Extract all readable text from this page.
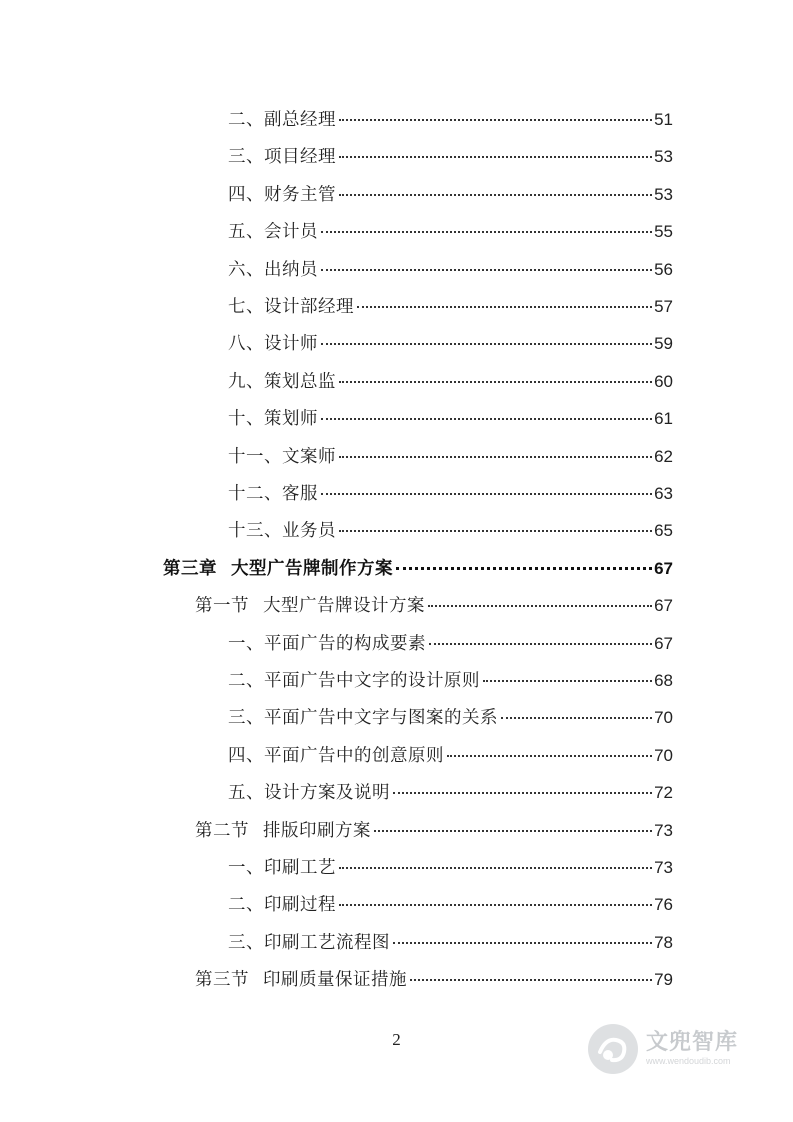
二、 副总经理	51
三、 项目经理	53
四、 财务主管	53
五、 会计员	55
六、 出纳员	56
七、 设计部经理	57
八、 设计师	59
九、 策划总监	60
十、 策划师	61
十一、 文案师	62
十二、 客服	63
十三、 业务员	65
第三章 大型广告牌制作方案	67
第一节 大型广告牌设计方案	67
一、 平面广告的构成要素	67
二、 平面广告中文字的设计原则	68
三、 平面广告中文字与图案的关系	70
四、 平面广告中的创意原则	70
五、 设计方案及说明	72
第二节 排版印刷方案	73
一、 印刷工艺	73
二、 印刷过程	76
三、 印刷工艺流程图	78
第三节 印刷质量保证措施	79
2	文兜智库
www.wendoudib.com
